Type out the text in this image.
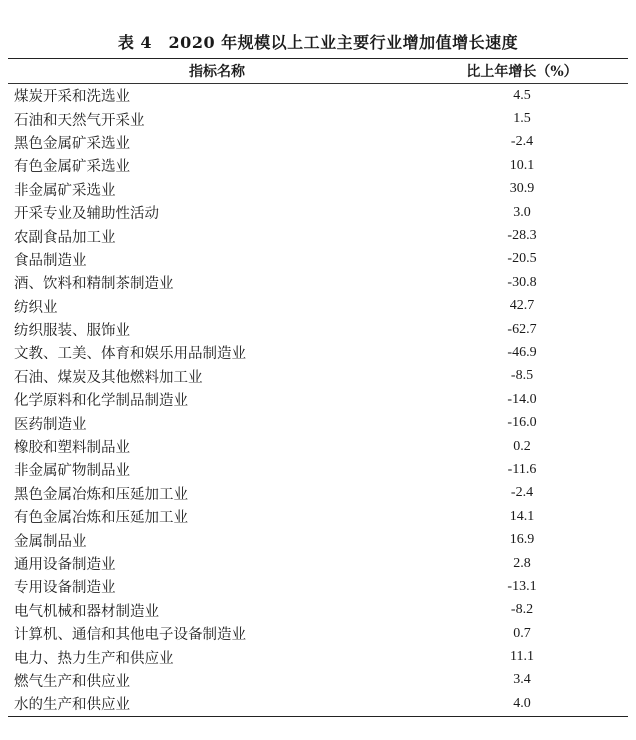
表 4　2020 年规模以上工业主要行业增加值增长速度
指标名称	比上年增长（%）
煤炭开采和洗选业	4.5
石油和天然气开采业	1.5
黑色金属矿采选业	-2.4
有色金属矿采选业	10.1
非金属矿采选业	30.9
开采专业及辅助性活动	3.0
农副食品加工业	-28.3
食品制造业	-20.5
酒、饮料和精制茶制造业	-30.8
纺织业	42.7
纺织服装、服饰业	-62.7
文教、工美、体育和娱乐用品制造业	-46.9
石油、煤炭及其他燃料加工业	-8.5
化学原料和化学制品制造业	-14.0
医药制造业	-16.0
橡胶和塑料制品业	0.2
非金属矿物制品业	-11.6
黑色金属冶炼和压延加工业	-2.4
有色金属冶炼和压延加工业	14.1
金属制品业	16.9
通用设备制造业	2.8
专用设备制造业	-13.1
电气机械和器材制造业	-8.2
计算机、通信和其他电子设备制造业	0.7
电力、热力生产和供应业	11.1
燃气生产和供应业	3.4
水的生产和供应业	4.0
